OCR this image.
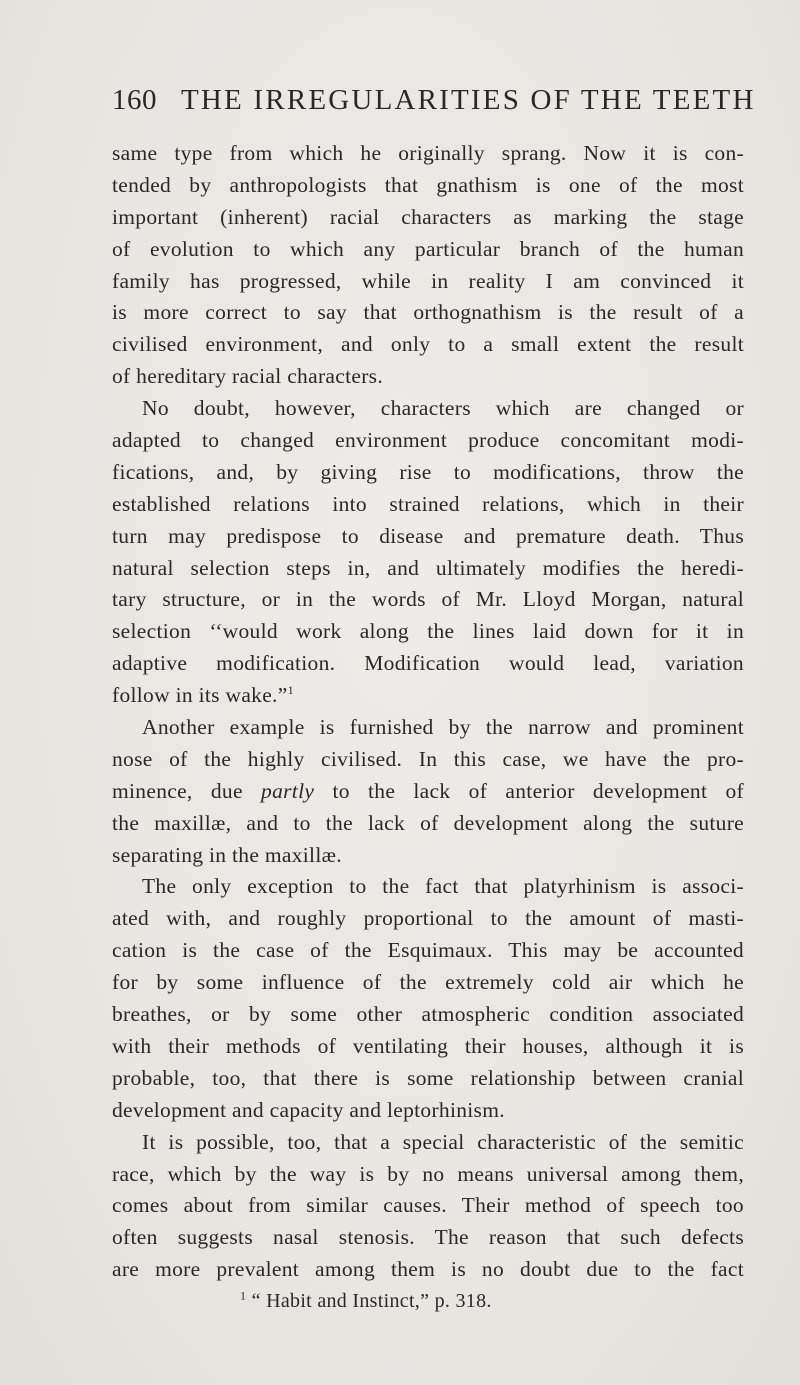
160 THE IRREGULARITIES OF THE TEETH
same type from which he originally sprang. Now it is con-
tended by anthropologists that gnathism is one of the most
important (inherent) racial characters as marking the stage
of evolution to which any particular branch of the human
family has progressed, while in reality I am convinced it
is more correct to say that orthognathism is the result of a
civilised environment, and only to a small extent the result
of hereditary racial characters.
No doubt, however, characters which are changed or
adapted to changed environment produce concomitant modi-
fications, and, by giving rise to modifications, throw the
established relations into strained relations, which in their
turn may predispose to disease and premature death. Thus
natural selection steps in, and ultimately modifies the heredi-
tary structure, or in the words of Mr. Lloyd Morgan, natural
selection ‘‘would work along the lines laid down for it in
adaptive modification. Modification would lead, variation
follow in its wake.”$^1$
Another example is furnished by the narrow and prominent
nose of the highly civilised. In this case, we have the pro-
minence, due partly to the lack of anterior development of
the maxillæ, and to the lack of development along the suture
separating in the maxillæ.
The only exception to the fact that platyrhinism is associ-
ated with, and roughly proportional to the amount of masti-
cation is the case of the Esquimaux. This may be accounted
for by some influence of the extremely cold air which he
breathes, or by some other atmospheric condition associated
with their methods of ventilating their houses, although it is
probable, too, that there is some relationship between cranial
development and capacity and leptorhinism.
It is possible, too, that a special characteristic of the semitic
race, which by the way is by no means universal among them,
comes about from similar causes. Their method of speech too
often suggests nasal stenosis. The reason that such defects
are more prevalent among them is no doubt due to the fact
$^1$ “ Habit and Instinct,” p. 318.
